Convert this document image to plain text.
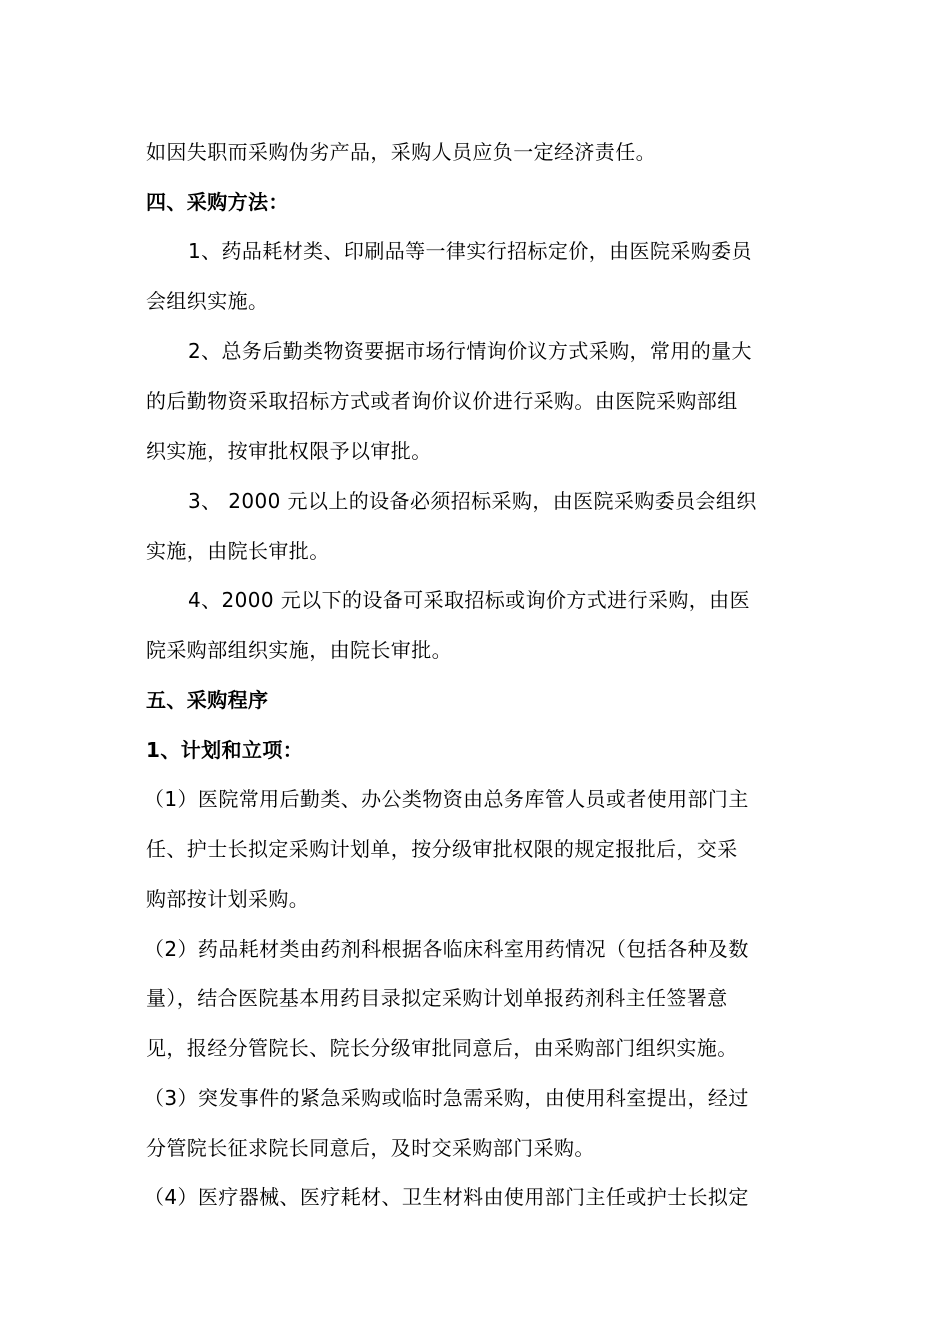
如因失职而采购伪劣产品，采购人员应负一定经济责任。
四、采购方法：
1、药品耗材类、印刷品等一律实行招标定价，由医院采购委员
会组织实施。
2、总务后勤类物资要据市场行情询价议方式采购，常用的量大
的后勤物资采取招标方式或者询价议价进行采购。由医院采购部组
织实施，按审批权限予以审批。
3、 2000 元以上的设备必须招标采购，由医院采购委员会组织
实施，由院长审批。
4、2000 元以下的设备可采取招标或询价方式进行采购，由医
院采购部组织实施，由院长审批。
五、采购程序
1、计划和立项：
（1）医院常用后勤类、办公类物资由总务库管人员或者使用部门主
任、护士长拟定采购计划单，按分级审批权限的规定报批后，交采
购部按计划采购。
（2）药品耗材类由药剂科根据各临床科室用药情况（包括各种及数
量），结合医院基本用药目录拟定采购计划单报药剂科主任签署意
见，报经分管院长、院长分级审批同意后，由采购部门组织实施。
（3）突发事件的紧急采购或临时急需采购，由使用科室提出，经过
分管院长征求院长同意后，及时交采购部门采购。
（4）医疗器械、医疗耗材、卫生材料由使用部门主任或护士长拟定
